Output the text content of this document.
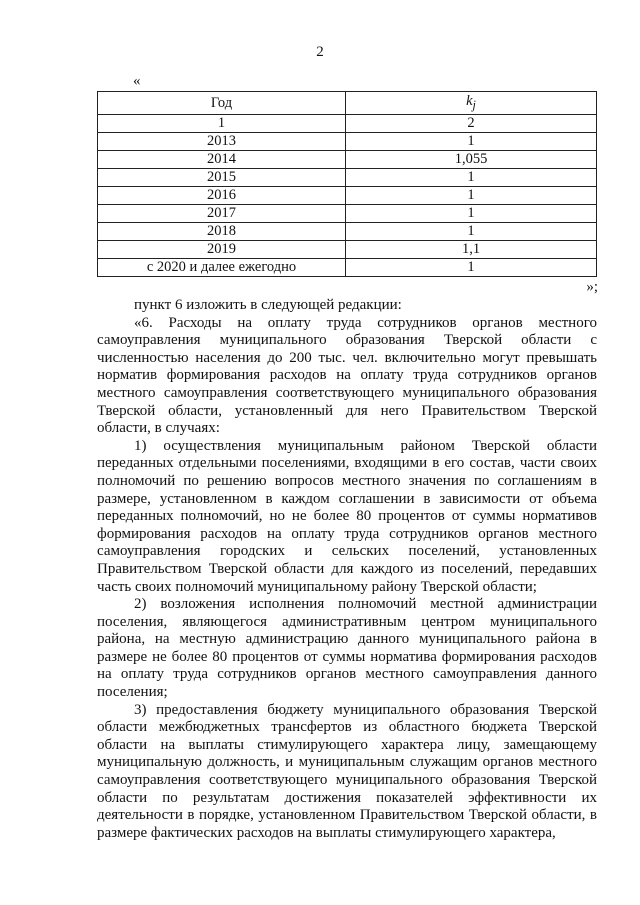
2
«
Год	$k_j$
1	2
2013	1
2014	1,055
2015	1
2016	1
2017	1
2018	1
2019	1,1
с 2020 и далее ежегодно	1
»;

пункт 6 изложить в следующей редакции:

«6. Расходы на оплату труда сотрудников органов местного самоуправления муниципального образования Тверской области с численностью населения до 200 тыс. чел. включительно могут превышать норматив формирования расходов на оплату труда сотрудников органов местного самоуправления соответствующего муниципального образования Тверской области, установленный для него Правительством Тверской области, в случаях:

1) осуществления муниципальным районом Тверской области переданных отдельными поселениями, входящими в его состав, части своих полномочий по решению вопросов местного значения по соглашениям в размере, установленном в каждом соглашении в зависимости от объема переданных полномочий, но не более 80 процентов от суммы нормативов формирования расходов на оплату труда сотрудников органов местного самоуправления городских и сельских поселений, установленных Правительством Тверской области для каждого из поселений, передавших часть своих полномочий муниципальному району Тверской области;

2) возложения исполнения полномочий местной администрации поселения, являющегося административным центром муниципального района, на местную администрацию данного муниципального района в размере не более 80 процентов от суммы норматива формирования расходов на оплату труда сотрудников органов местного самоуправления данного поселения;

3) предоставления бюджету муниципального образования Тверской области межбюджетных трансфертов из областного бюджета Тверской области на выплаты стимулирующего характера лицу, замещающему муниципальную должность, и муниципальным служащим органов местного самоуправления соответствующего муниципального образования Тверской области по результатам достижения показателей эффективности их деятельности в порядке, установленном Правительством Тверской области, в размере фактических расходов на выплаты стимулирующего характера,
